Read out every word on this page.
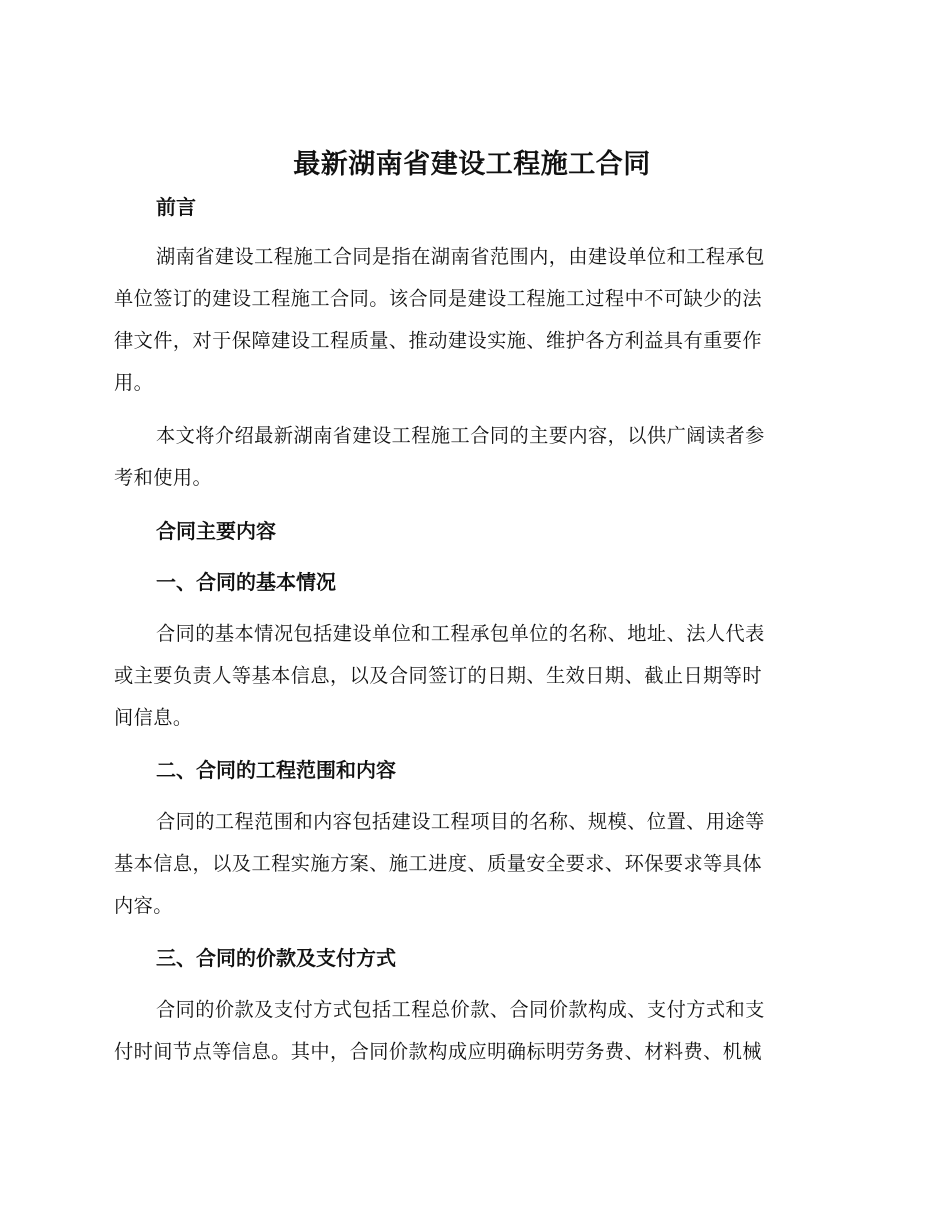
最新湖南省建设工程施工合同
前言
湖南省建设工程施工合同是指在湖南省范围内，由建设单位和工程承包
单位签订的建设工程施工合同。该合同是建设工程施工过程中不可缺少的法
律文件，对于保障建设工程质量、推动建设实施、维护各方利益具有重要作
用。
本文将介绍最新湖南省建设工程施工合同的主要内容，以供广阔读者参
考和使用。
合同主要内容
一、合同的基本情况
合同的基本情况包括建设单位和工程承包单位的名称、地址、法人代表
或主要负责人等基本信息，以及合同签订的日期、生效日期、截止日期等时
间信息。
二、合同的工程范围和内容
合同的工程范围和内容包括建设工程项目的名称、规模、位置、用途等
基本信息，以及工程实施方案、施工进度、质量安全要求、环保要求等具体
内容。
三、合同的价款及支付方式
合同的价款及支付方式包括工程总价款、合同价款构成、支付方式和支
付时间节点等信息。其中，合同价款构成应明确标明劳务费、材料费、机械
